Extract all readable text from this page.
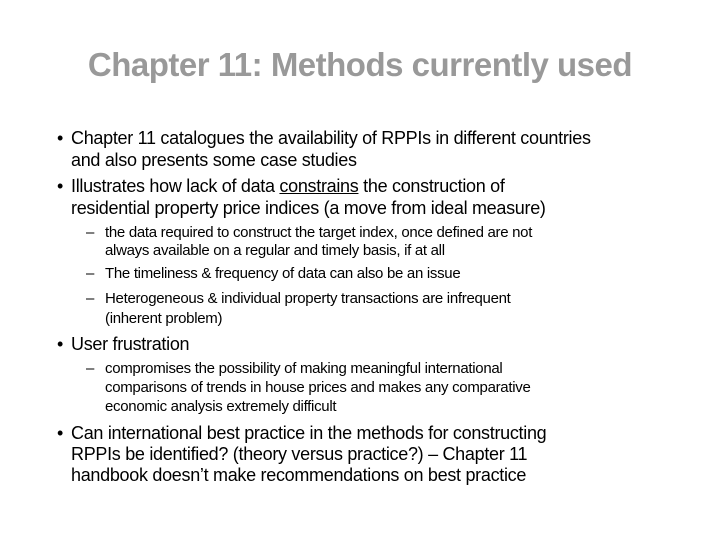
Chapter 11: Methods currently used
• Chapter 11 catalogues the availability of RPPIs in different countries
and also presents some case studies
• Illustrates how lack of data constrains the construction of
residential property price indices (a move from ideal measure)
– the data required to construct the target index, once defined are not
always available on a regular and timely basis, if at all
– The timeliness & frequency of data can also be an issue
– Heterogeneous & individual property transactions are infrequent
(inherent problem)
• User frustration
– compromises the possibility of making meaningful international
comparisons of trends in house prices and makes any comparative
economic analysis extremely difficult
• Can international best practice in the methods for constructing
RPPIs be identified? (theory versus practice?) – Chapter 11
handbook doesn’t make recommendations on best practice
